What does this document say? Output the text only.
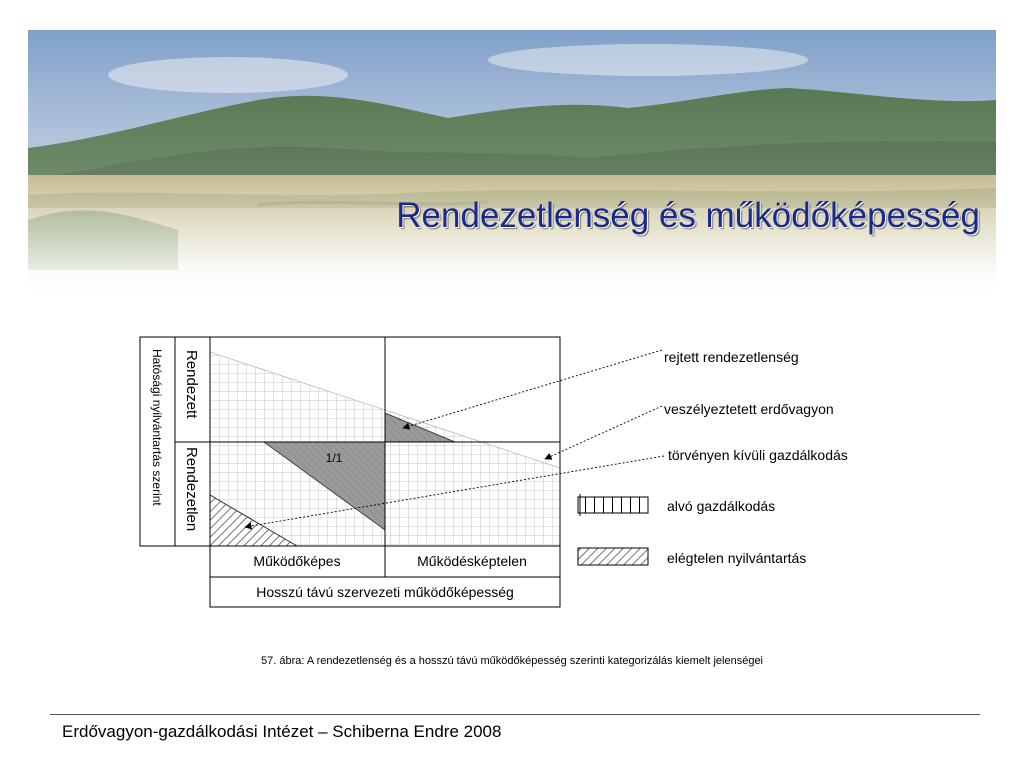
Rendezetlenség és működőképesség
Hatósági nyilvántartás szerint Rendezett
Rendezetlen
Működőképes	Működésképtelen
Hosszú távú szervezeti működőképesség
1/1
rejtett rendezetlenség
veszélyeztetett erdővagyon
törvényen kívüli gazdálkodás
alvó gazdálkodás
elégtelen nyilvántartás
57. ábra: A rendezetlenség és a hosszú távú működőképesség szerinti kategorizálás kiemelt jelenségei
Erdővagyon-gazdálkodási Intézet – Schiberna Endre 2008
